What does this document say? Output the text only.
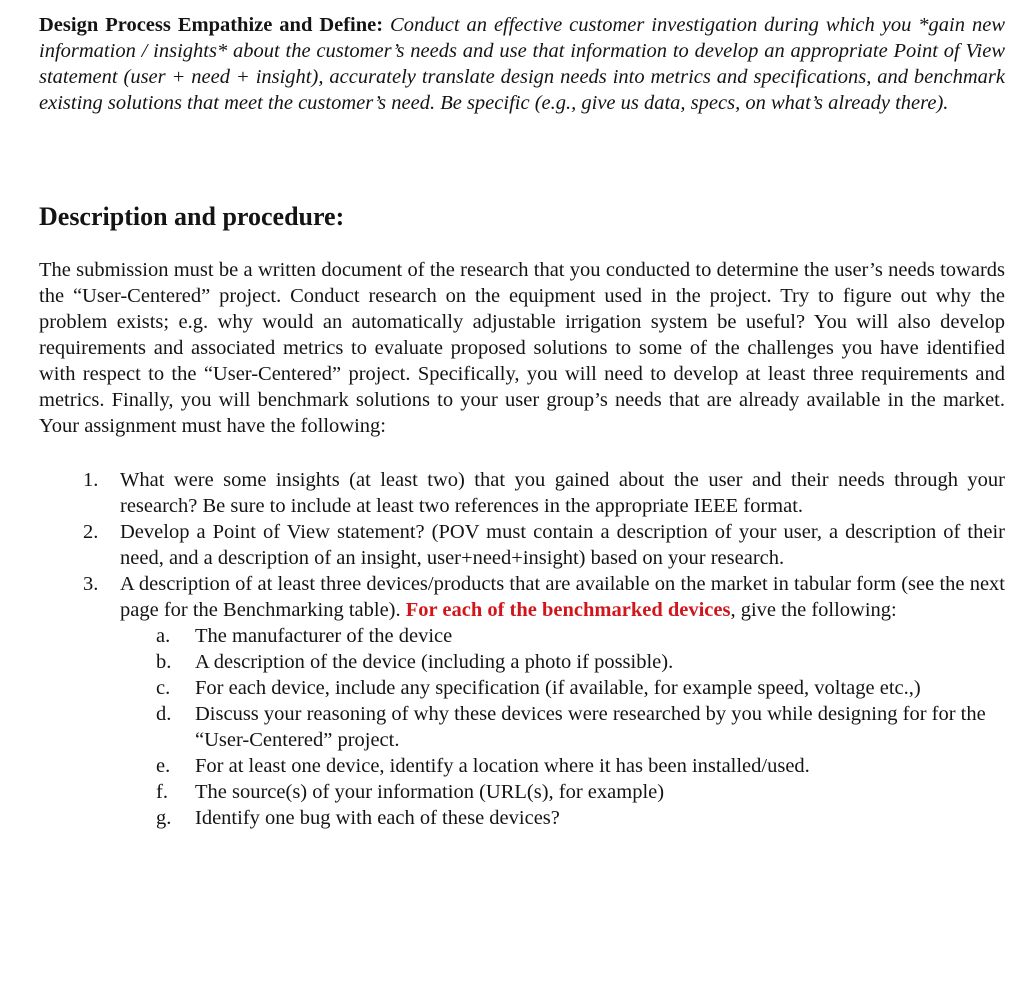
Design Process Empathize and Define: Conduct an effective customer investigation during which you *gain new information / insights* about the customer’s needs and use that information to develop an appropriate Point of View statement (user + need + insight), accurately translate design needs into metrics and specifications, and benchmark existing solutions that meet the customer’s need. Be specific (e.g., give us data, specs, on what’s already there).

Description and procedure:

The submission must be a written document of the research that you conducted to determine the user’s needs towards the “User-Centered” project. Conduct research on the equipment used in the project. Try to figure out why the problem exists; e.g. why would an automatically adjustable irrigation system be useful? You will also develop requirements and associated metrics to evaluate proposed solutions to some of the challenges you have identified with respect to the “User-Centered” project. Specifically, you will need to develop at least three requirements and metrics. Finally, you will benchmark solutions to your user group’s needs that are already available in the market. Your assignment must have the following:

1. What were some insights (at least two) that you gained about the user and their needs through your research? Be sure to include at least two references in the appropriate IEEE format.
2. Develop a Point of View statement? (POV must contain a description of your user, a description of their need, and a description of an insight, user+need+insight) based on your research.
3. A description of at least three devices/products that are available on the market in tabular form (see the next page for the Benchmarking table). For each of the benchmarked devices, give the following:
a. The manufacturer of the device
b. A description of the device (including a photo if possible).
c. For each device, include any specification (if available, for example speed, voltage etc.,)
d. Discuss your reasoning of why these devices were researched by you while designing for for the “User-Centered” project.
e. For at least one device, identify a location where it has been installed/used.
f. The source(s) of your information (URL(s), for example)
g. Identify one bug with each of these devices?
